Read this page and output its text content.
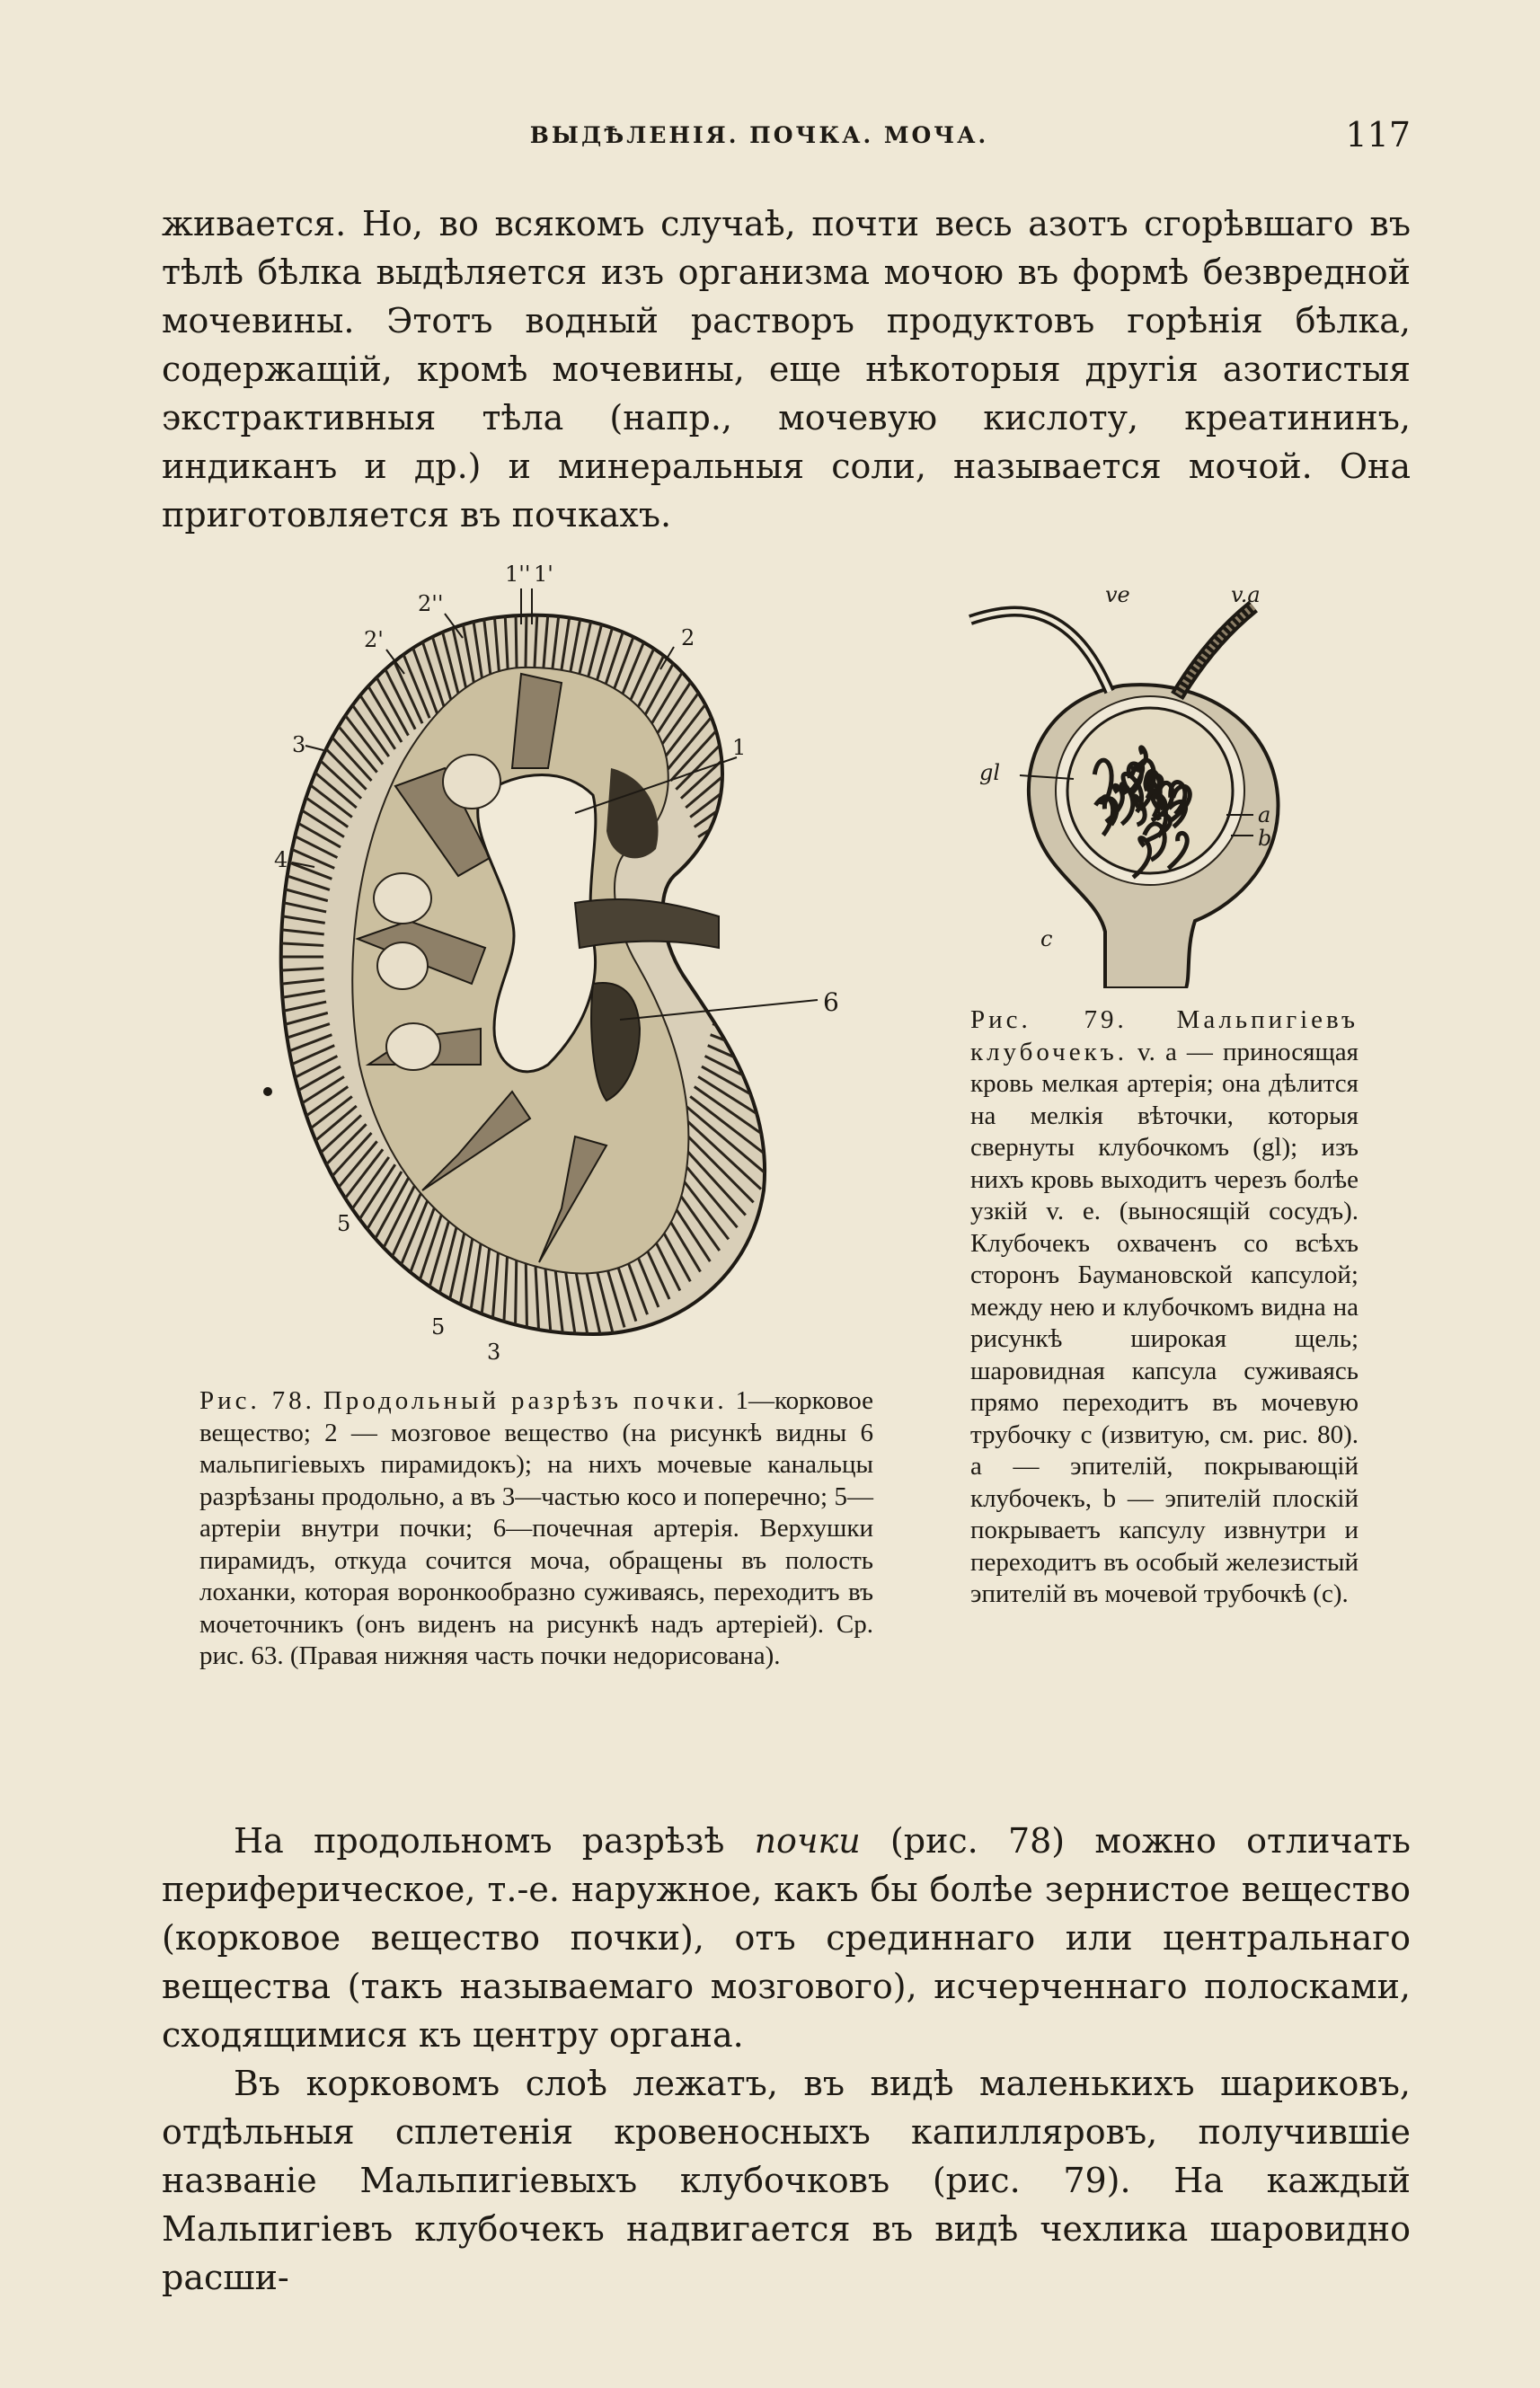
ВЫДѢЛЕНІЯ. ПОЧКА. МОЧА.	117

живается. Но, во всякомъ случаѣ, почти весь азотъ сгорѣвшаго въ тѣлѣ бѣлка выдѣляется изъ организма мочою въ формѣ безвредной мочевины. Этотъ водный растворъ продуктовъ горѣнія бѣлка, содержащій, кромѣ мочевины, еще нѣкоторыя другія азотистыя экстрактивныя тѣла (напр., мочевую кислоту, креатининъ, индиканъ и др.) и минеральныя соли, называется мочой. Она приготовляется въ почкахъ.

1'' 1'
2''
2'	2
1
3
4
6
5
5
3
ve	v.a
gl
a
b
c
Рис. 78. Продольный разрѣзъ почки. 1—корковое вещество; 2 — мозговое вещество (на рисункѣ видны 6 мальпигіевыхъ пирамидокъ); на нихъ мочевые канальцы разрѣзаны продольно, а въ 3—частью косо и поперечно; 5—артеріи внутри почки; 6—почечная артерія. Верхушки пирамидъ, откуда сочится моча, обращены въ полость лоханки, которая воронкообразно суживаясь, переходитъ въ мочеточникъ (онъ виденъ на рисункѣ надъ артеріей). Ср. рис. 63. (Правая нижняя часть почки недорисована).
Рис. 79. Мальпигіевъ клубочекъ. v. a — приносящая кровь мелкая артерія; она дѣлится на мелкія вѣточки, которыя свернуты клубочкомъ (gl); изъ нихъ кровь выходитъ черезъ болѣе узкій v. e. (выносящій сосудъ). Клубочекъ охваченъ со всѣхъ сторонъ Баумановской капсулой; между нею и клубочкомъ видна на рисункѣ широкая щель; шаровидная капсула суживаясь прямо переходитъ въ мочевую трубочку c (извитую, см. рис. 80). a — эпителій, покрывающій клубочекъ, b — эпителій плоскій покрываетъ капсулу извнутри и переходитъ въ особый железистый эпителій въ мочевой трубочкѣ (c).

На продольномъ разрѣзѣ почки (рис. 78) можно отличать периферическое, т.-е. наружное, какъ бы болѣе зернистое вещество (корковое вещество почки), отъ срединнаго или центральнаго вещества (такъ называемаго мозгового), исчерченнаго полосками, сходящимися къ центру органа.

Въ корковомъ слоѣ лежатъ, въ видѣ маленькихъ шариковъ, отдѣльныя сплетенія кровеносныхъ капилляровъ, получившіе названіе Мальпигіевыхъ клубочковъ (рис. 79). На каждый Мальпигіевъ клубочекъ надвигается въ видѣ чехлика шаровидно расши-
